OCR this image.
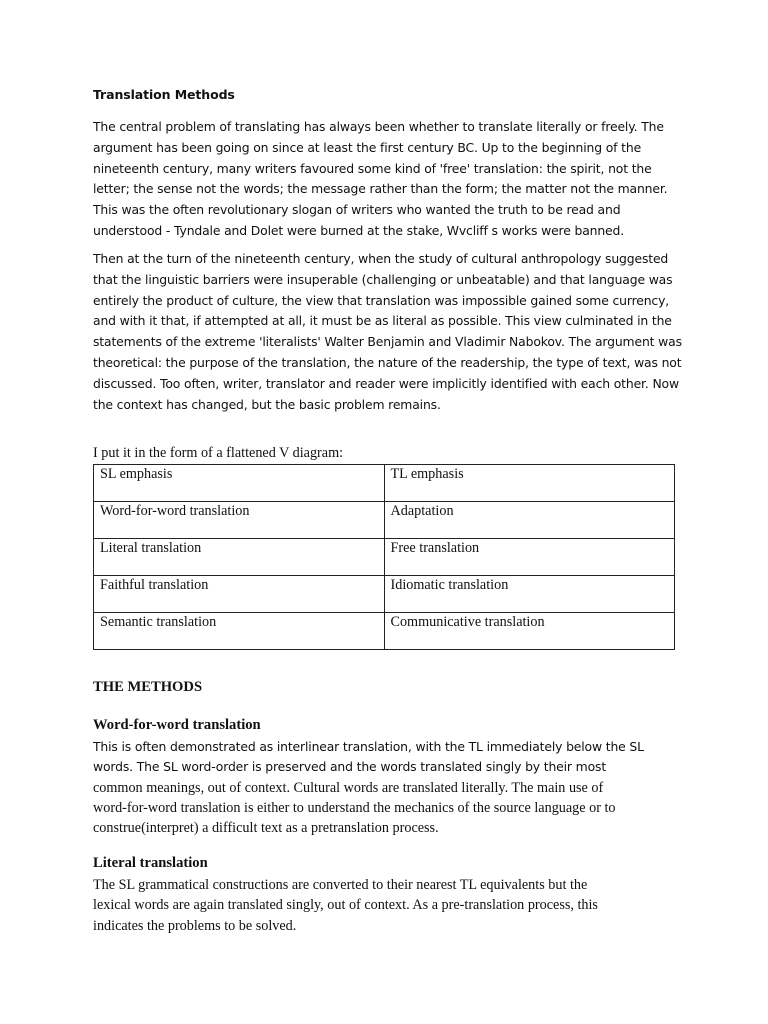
Translation Methods
The central problem of translating has always been whether to translate literally or freely. The argument has been going on since at least the first century BC. Up to the beginning of the nineteenth century, many writers favoured some kind of 'free' translation: the spirit, not the letter; the sense not the words; the message rather than the form; the matter not the manner. This was the often revolutionary slogan of writers who wanted the truth to be read and understood - Tyndale and Dolet were burned at the stake, Wvcliff s works were banned.
Then at the turn of the nineteenth century, when the study of cultural anthropology suggested that the linguistic barriers were insuperable (challenging or unbeatable) and that language was entirely the product of culture, the view that translation was impossible gained some currency, and with it that, if attempted at all, it must be as literal as possible. This view culminated in the statements of the extreme 'literalists' Walter Benjamin and Vladimir Nabokov. The argument was theoretical: the purpose of the translation, the nature of the readership, the type of text, was not discussed. Too often, writer, translator and reader were implicitly identified with each other. Now the context has changed, but the basic problem remains.
I put it in the form of a flattened V diagram:
SL emphasis	TL emphasis
Word-for-word translation	Adaptation
Literal translation	Free translation
Faithful translation	Idiomatic translation
Semantic translation	Communicative translation
THE METHODS
Word-for-word translation
This is often demonstrated as interlinear translation, with the TL immediately below the SL
words. The SL word-order is preserved and the words translated singly by their most
common meanings, out of context. Cultural words are translated literally. The main use of
word-for-word translation is either to understand the mechanics of the source language or to
construe(interpret) a difficult text as a pretranslation process.
Literal translation
The SL grammatical constructions are converted to their nearest TL equivalents but the
lexical words are again translated singly, out of context. As a pre-translation process, this
indicates the problems to be solved.
